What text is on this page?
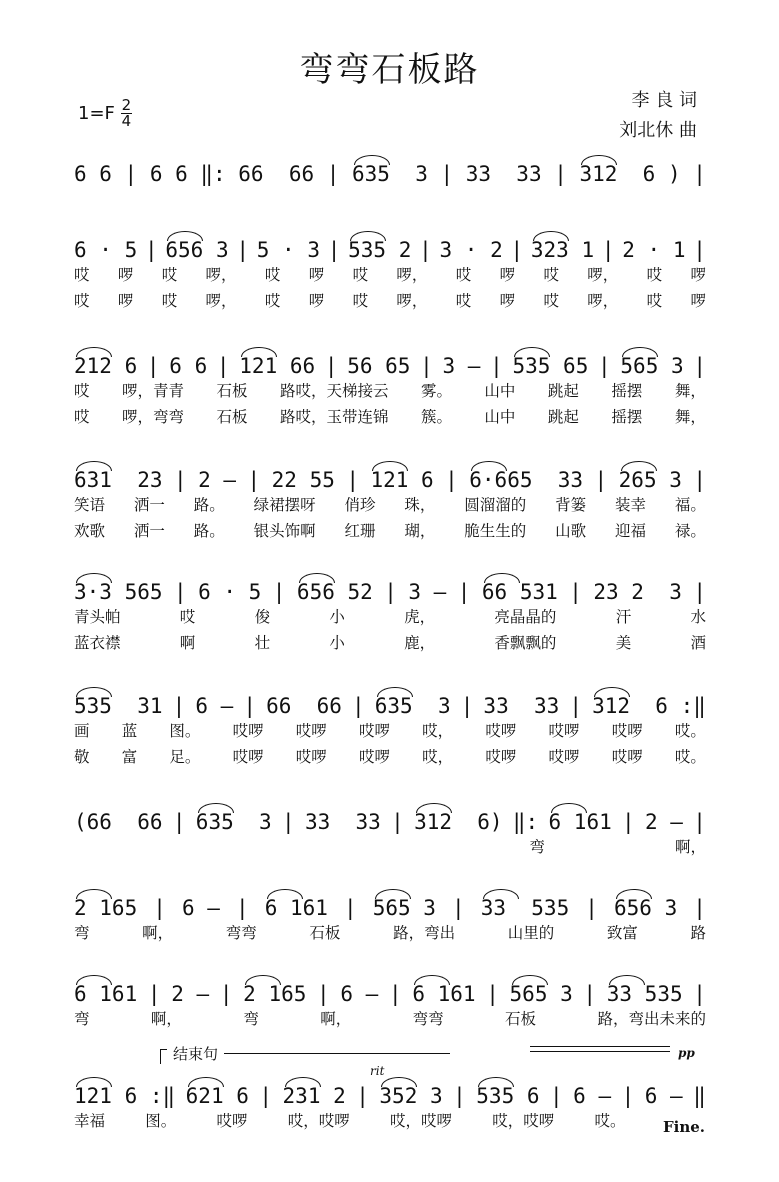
弯弯石板路
$1=F \frac{2}{4}$	李 良 词
刘北休 曲
6 6 | 6 6 ‖: 66  66 | 635  3 | 33  33 | 312  6 ) |
6 · 5 | 656 3 | 5 · 3 | 535 2 | 3 · 2 | 323 1 | 2 · 1 |
哎 啰 哎 啰， 哎 啰 哎 啰， 哎 啰 哎 啰， 哎 啰
哎 啰 哎 啰， 哎 啰 哎 啰， 哎 啰 哎 啰， 哎 啰
212 6 | 6 6 | 121 66 | 56 65 | 3 – | 535 65 | 565 3 |
哎 啰，青青 石板 路哎，天梯接云 雾。 山中 跳起 摇摆 舞，
哎 啰，弯弯 石板 路哎，玉带连锦 簇。 山中 跳起 摇摆 舞，
631  23 | 2 – | 22 55 | 121 6 | 6·665  33 | 265 3 |
笑语 洒一 路。 绿裙摆呀 俏珍 珠， 圆溜溜的 背篓 装幸 福。
欢歌 洒一 路。 银头饰啊 红珊 瑚， 脆生生的 山歌 迎福 禄。
3·3 565 | 6 · 5 | 656 52 | 3 – | 66 531 | 23 2  3 |
青头帕	哎	俊	小	虎，	亮晶晶的	汗	水
蓝衣襟	啊	壮	小	鹿，	香飘飘的	美	酒
535  31 | 6 – | 66  66 | 635  3 | 33  33 | 312  6 :‖
画 蓝 图。 哎啰 哎啰 哎啰 哎， 哎啰 哎啰 哎啰 哎。
敬 富 足。 哎啰 哎啰 哎啰 哎， 哎啰 哎啰 哎啰 哎。
(66  66 | 635  3 | 33  33 | 312  6) ‖: 6 161 | 2 – |
弯	啊，
2 165 | 6 – | 6 161 | 565 3 | 33  535 | 656 3 |
弯	啊，	弯弯	石板	路，弯出	山里的	致富	路
6 161 | 2 – | 2 165 | 6 – | 6 161 | 565 3 | 33 535 |
弯	啊，	弯	啊，	弯弯	石板	路，弯出未来的
121 6 :‖ 621 6 | 231 2 | 352 3 | 535 6 | 6 – | 6 – ‖
幸福	图。	哎啰	哎，哎啰	哎，哎啰	哎，哎啰	哎。
结束句
rit
pp
Fine.
